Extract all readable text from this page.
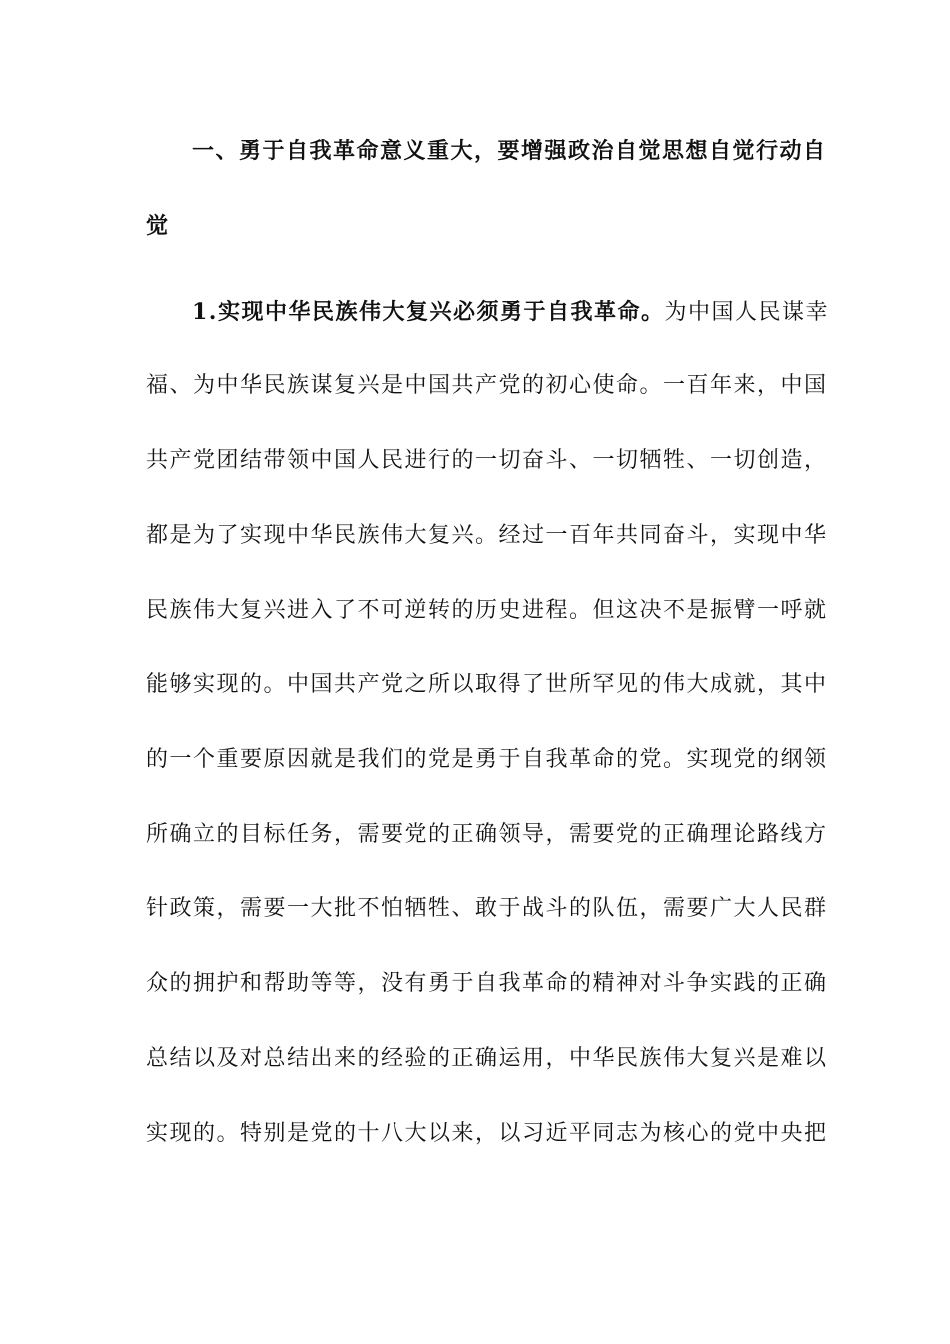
一、勇于自我革命意义重大，要增强政治自觉思想自觉行动自
觉
1.实现中华民族伟大复兴必须勇于自我革命。为中国人民谋幸
福、为中华民族谋复兴是中国共产党的初心使命。一百年来，中国
共产党团结带领中国人民进行的一切奋斗、一切牺牲、一切创造，
都是为了实现中华民族伟大复兴。经过一百年共同奋斗，实现中华
民族伟大复兴进入了不可逆转的历史进程。但这决不是振臂一呼就
能够实现的。中国共产党之所以取得了世所罕见的伟大成就，其中
的一个重要原因就是我们的党是勇于自我革命的党。实现党的纲领
所确立的目标任务，需要党的正确领导，需要党的正确理论路线方
针政策，需要一大批不怕牺牲、敢于战斗的队伍，需要广大人民群
众的拥护和帮助等等，没有勇于自我革命的精神对斗争实践的正确
总结以及对总结出来的经验的正确运用，中华民族伟大复兴是难以
实现的。特别是党的十八大以来，以习近平同志为核心的党中央把
